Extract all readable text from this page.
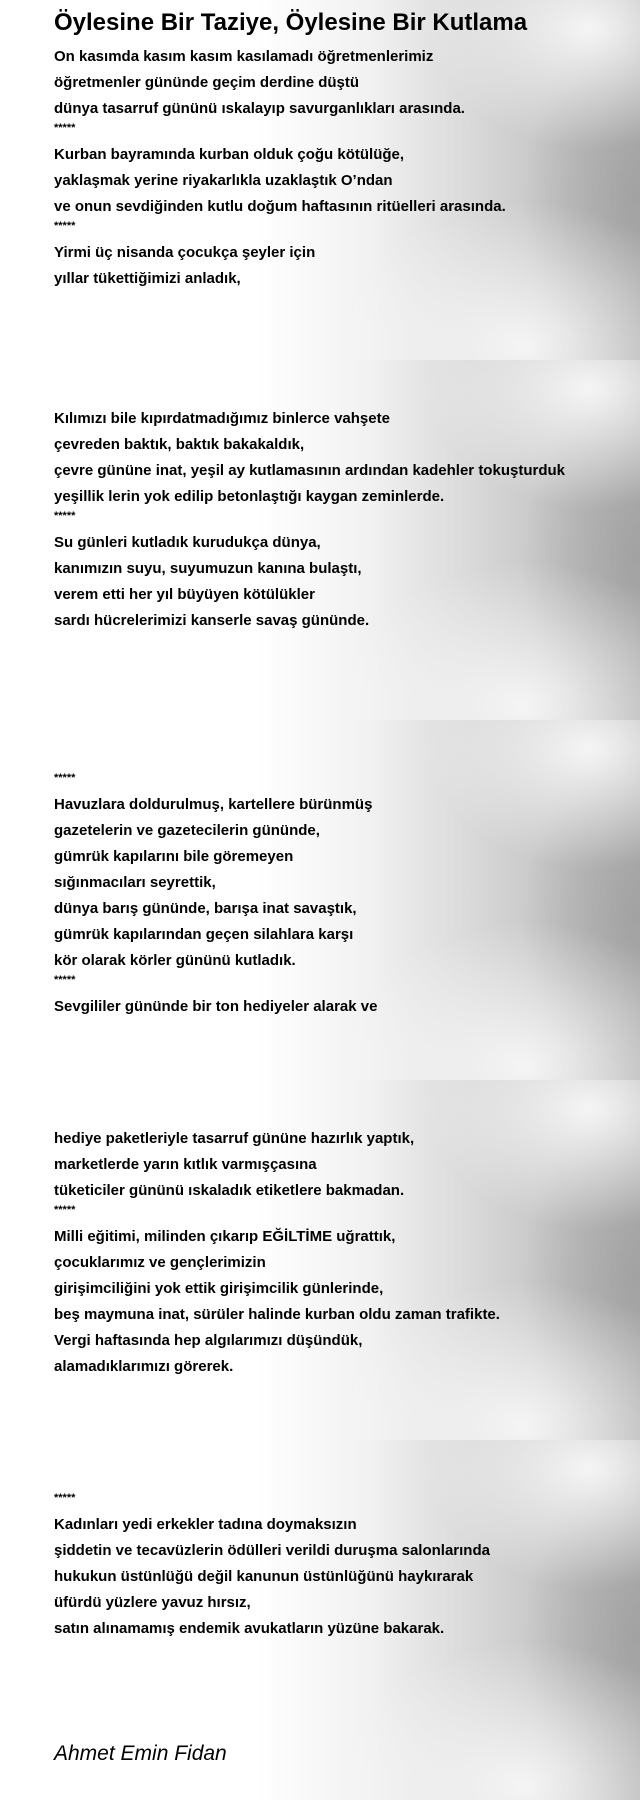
Öylesine Bir Taziye, Öylesine Bir Kutlama
On kasımda kasım kasım kasılamadı öğretmenlerimiz
öğretmenler gününde geçim derdine düştü
dünya tasarruf gününü ıskalayıp savurganlıkları arasında.
*****
Kurban bayramında kurban olduk çoğu kötülüğe,
yaklaşmak yerine riyakarlıkla uzaklaştık O’ndan
ve onun sevdiğinden kutlu doğum haftasının ritüelleri arasında.
*****
Yirmi üç nisanda çocukça şeyler için
yıllar tükettiğimizi anladık,
Kılımızı bile kıpırdatmadığımız binlerce vahşete
çevreden baktık, baktık bakakaldık,
çevre gününe inat, yeşil ay kutlamasının ardından kadehler tokuşturduk
yeşillik lerin yok edilip betonlaştığı kaygan zeminlerde.
*****
Su günleri kutladık kurudukça dünya,
kanımızın suyu, suyumuzun kanına bulaştı,
verem etti her yıl büyüyen kötülükler
sardı hücrelerimizi kanserle savaş gününde.
*****
Havuzlara doldurulmuş, kartellere bürünmüş
gazetelerin ve gazetecilerin gününde,
gümrük kapılarını bile göremeyen
sığınmacıları seyrettik,
dünya barış gününde, barışa inat savaştık,
gümrük kapılarından geçen silahlara karşı
kör olarak körler gününü kutladık.
*****
Sevgililer gününde bir ton hediyeler alarak ve
hediye paketleriyle tasarruf gününe hazırlık yaptık,
marketlerde yarın kıtlık varmışçasına
tüketiciler gününü ıskaladık etiketlere bakmadan.
*****
Milli eğitimi, milinden çıkarıp EĞİLTİME uğrattık,
çocuklarımız ve gençlerimizin
girişimciliğini yok ettik girişimcilik günlerinde,
beş maymuna inat, sürüler halinde kurban oldu zaman trafikte.
Vergi haftasında hep algılarımızı düşündük,
alamadıklarımızı görerek.
*****
Kadınları yedi erkekler tadına doymaksızın
şiddetin ve tecavüzlerin ödülleri verildi duruşma salonlarında
hukukun üstünlüğü değil kanunun üstünlüğünü haykırarak
üfürdü yüzlere yavuz hırsız,
satın alınamamış endemik avukatların yüzüne bakarak.
Ahmet Emin Fidan
